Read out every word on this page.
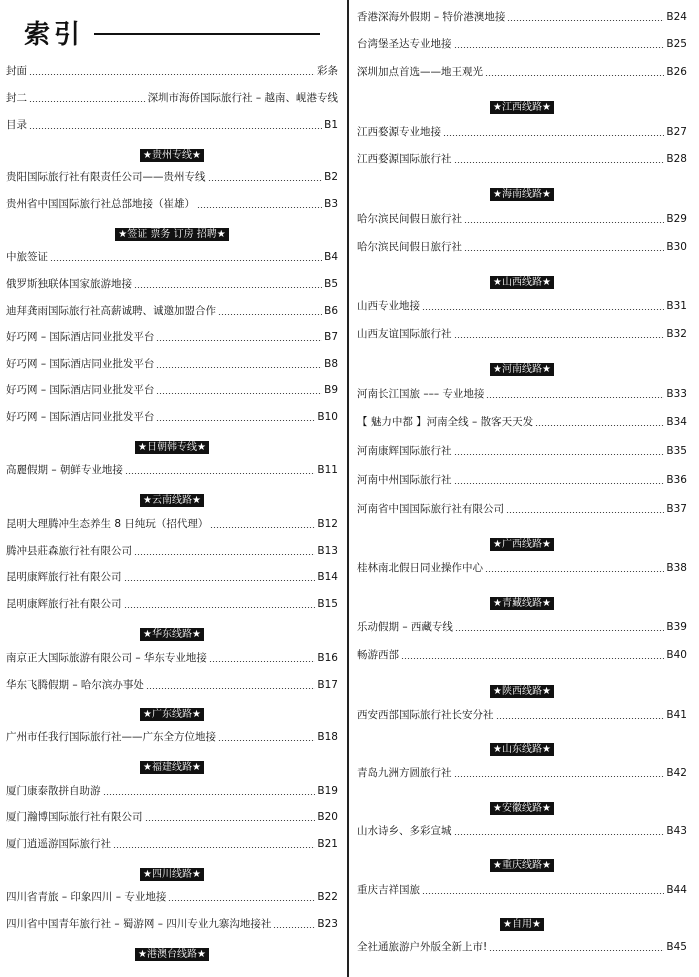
索引
封面	彩条
封二	深圳市海侨国际旅行社 – 越南、岘港专线
目录	B1
★贵州专线★
贵阳国际旅行社有限责任公司——贵州专线	B2
贵州省中国国际旅行社总部地接（崔雄）	B3
★签证 票务 订房 招聘★
中旅签证	B4
俄罗斯独联体国家旅游地接	B5
迪拜龚雨国际旅行社高薪诚聘、诚邀加盟合作	B6
好巧网 – 国际酒店同业批发平台	B7
好巧网 – 国际酒店同业批发平台	B8
好巧网 – 国际酒店同业批发平台	B9
好巧网 – 国际酒店同业批发平台	B10
★日朝韩专线★
高麗假期 – 朝鲜专业地接	B11
★云南线路★
昆明大理腾冲生态养生 8 日纯玩（招代理）	B12
腾冲县莊森旅行社有限公司	B13
昆明康辉旅行社有限公司	B14
昆明康辉旅行社有限公司	B15
★华东线路★
南京正大国际旅游有限公司 – 华东专业地接	B16
华东飞腾假期 – 哈尔滨办事处	B17
★广东线路★
广州市任我行国际旅行社——广东全方位地接	B18
★福建线路★
厦门康泰散拼自助游	B19
厦门瀚博国际旅行社有限公司	B20
厦门逍遥游国际旅行社	B21
★四川线路★
四川省青旅 – 印象四川 – 专业地接	B22
四川省中国青年旅行社 – 蜀游网 – 四川专业九寨沟地接社	B23
★港澳台线路★
香港深海外假期 – 特价港澳地接	B24
台湾堡圣达专业地接	B25
深圳加点首选——地王观光	B26
★江西线路★
江西婺源专业地接	B27
江西婺源国际旅行社	B28
★海南线路★
哈尔滨民间假日旅行社	B29
哈尔滨民间假日旅行社	B30
★山西线路★
山西专业地接	B31
山西友谊国际旅行社	B32
★河南线路★
河南长江国旅 ––– 专业地接	B33
【 魅力中都 】河南全线 – 散客天天发	B34
河南康辉国际旅行社	B35
河南中州国际旅行社	B36
河南省中国国际旅行社有限公司	B37
★广西线路★
桂林南北假日同业操作中心	B38
★青藏线路★
乐动假期 – 西藏专线	B39
畅游西部	B40
★陕西线路★
西安西部国际旅行社长安分社	B41
★山东线路★
青岛九洲方圆旅行社	B42
★安徽线路★
山水诗乡、多彩宣城	B43
★重庆线路★
重庆吉祥国旅	B44
★自用★
全社通旅游户外版全新上市!	B45
